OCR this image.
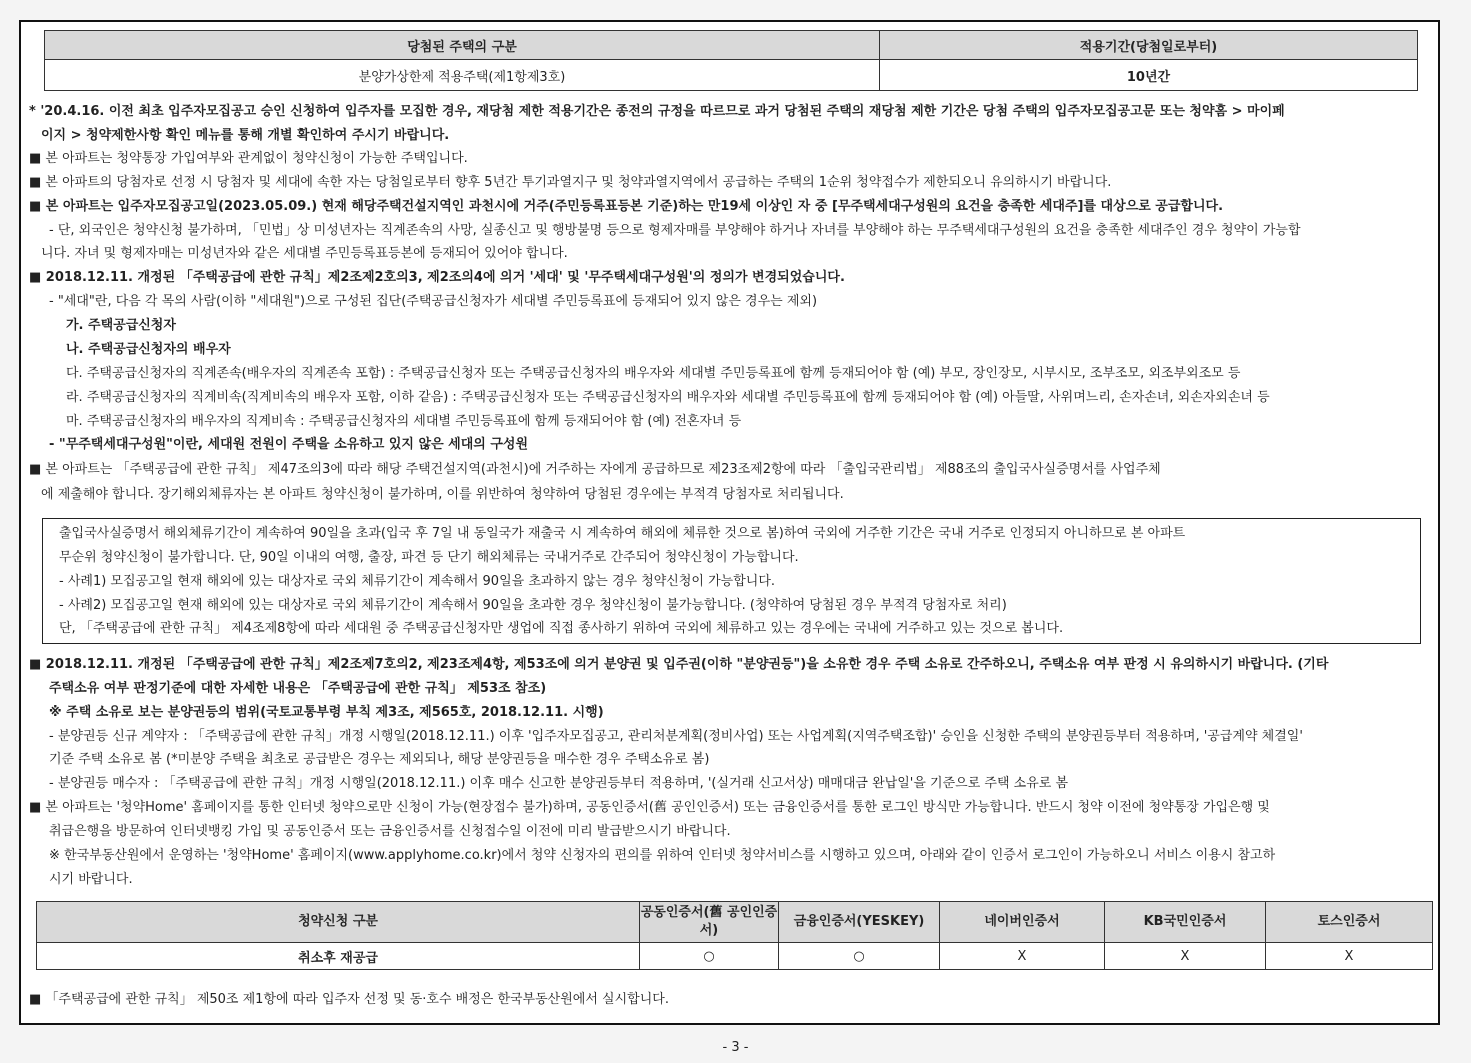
당첨된 주택의 구분	적용기간(당첨일로부터)
분양가상한제 적용주택(제1항제3호)	10년간
* '20.4.16. 이전 최초 입주자모집공고 승인 신청하여 입주자를 모집한 경우, 재당첨 제한 적용기간은 종전의 규정을 따르므로 과거 당첨된 주택의 재당첨 제한 기간은 당첨 주택의 입주자모집공고문 또는 청약홈 > 마이페
이지 > 청약제한사항 확인 메뉴를 통해 개별 확인하여 주시기 바랍니다.
■ 본 아파트는 청약통장 가입여부와 관계없이 청약신청이 가능한 주택입니다.
■ 본 아파트의 당첨자로 선정 시 당첨자 및 세대에 속한 자는 당첨일로부터 향후 5년간 투기과열지구 및 청약과열지역에서 공급하는 주택의 1순위 청약접수가 제한되오니 유의하시기 바랍니다.
■ 본 아파트는 입주자모집공고일(2023.05.09.) 현재 해당주택건설지역인 과천시에 거주(주민등록표등본 기준)하는 만19세 이상인 자 중 [무주택세대구성원의 요건을 충족한 세대주]를 대상으로 공급합니다.
- 단, 외국인은 청약신청 불가하며, 「민법」상 미성년자는 직계존속의 사망, 실종신고 및 행방불명 등으로 형제자매를 부양해야 하거나 자녀를 부양해야 하는 무주택세대구성원의 요건을 충족한 세대주인 경우 청약이 가능합
니다. 자녀 및 형제자매는 미성년자와 같은 세대별 주민등록표등본에 등재되어 있어야 합니다.
■ 2018.12.11. 개정된 「주택공급에 관한 규칙」제2조제2호의3, 제2조의4에 의거 '세대' 및 '무주택세대구성원'의 정의가 변경되었습니다.
- "세대"란, 다음 각 목의 사람(이하 "세대원")으로 구성된 집단(주택공급신청자가 세대별 주민등록표에 등재되어 있지 않은 경우는 제외)
가. 주택공급신청자
나. 주택공급신청자의 배우자
다. 주택공급신청자의 직계존속(배우자의 직계존속 포함) : 주택공급신청자 또는 주택공급신청자의 배우자와 세대별 주민등록표에 함께 등재되어야 함 (예) 부모, 장인장모, 시부시모, 조부조모, 외조부외조모 등
라. 주택공급신청자의 직계비속(직계비속의 배우자 포함, 이하 같음) : 주택공급신청자 또는 주택공급신청자의 배우자와 세대별 주민등록표에 함께 등재되어야 함 (예) 아들딸, 사위며느리, 손자손녀, 외손자외손녀 등
마. 주택공급신청자의 배우자의 직계비속 : 주택공급신청자의 세대별 주민등록표에 함께 등재되어야 함 (예) 전혼자녀 등
- "무주택세대구성원"이란, 세대원 전원이 주택을 소유하고 있지 않은 세대의 구성원
■ 본 아파트는 「주택공급에 관한 규칙」 제47조의3에 따라 해당 주택건설지역(과천시)에 거주하는 자에게 공급하므로 제23조제2항에 따라 「출입국관리법」 제88조의 출입국사실증명서를 사업주체
에 제출해야 합니다. 장기해외체류자는 본 아파트 청약신청이 불가하며, 이를 위반하여 청약하여 당첨된 경우에는 부적격 당첨자로 처리됩니다.
출입국사실증명서 해외체류기간이 계속하여 90일을 초과(입국 후 7일 내 동일국가 재출국 시 계속하여 해외에 체류한 것으로 봄)하여 국외에 거주한 기간은 국내 거주로 인정되지 아니하므로 본 아파트
무순위 청약신청이 불가합니다. 단, 90일 이내의 여행, 출장, 파견 등 단기 해외체류는 국내거주로 간주되어 청약신청이 가능합니다.
- 사례1) 모집공고일 현재 해외에 있는 대상자로 국외 체류기간이 계속해서 90일을 초과하지 않는 경우 청약신청이 가능합니다.
- 사례2) 모집공고일 현재 해외에 있는 대상자로 국외 체류기간이 계속해서 90일을 초과한 경우 청약신청이 불가능합니다. (청약하여 당첨된 경우 부적격 당첨자로 처리)
단, 「주택공급에 관한 규칙」 제4조제8항에 따라 세대원 중 주택공급신청자만 생업에 직접 종사하기 위하여 국외에 체류하고 있는 경우에는 국내에 거주하고 있는 것으로 봅니다.
■ 2018.12.11. 개정된 「주택공급에 관한 규칙」제2조제7호의2, 제23조제4항, 제53조에 의거 분양권 및 입주권(이하 "분양권등")을 소유한 경우 주택 소유로 간주하오니, 주택소유 여부 판정 시 유의하시기 바랍니다. (기타
주택소유 여부 판정기준에 대한 자세한 내용은 「주택공급에 관한 규칙」 제53조 참조)
※ 주택 소유로 보는 분양권등의 범위(국토교통부령 부칙 제3조, 제565호, 2018.12.11. 시행)
- 분양권등 신규 계약자 : 「주택공급에 관한 규칙」개정 시행일(2018.12.11.) 이후 '입주자모집공고, 관리처분계획(정비사업) 또는 사업계획(지역주택조합)' 승인을 신청한 주택의 분양권등부터 적용하며, '공급계약 체결일'
기준 주택 소유로 봄 (*미분양 주택을 최초로 공급받은 경우는 제외되나, 해당 분양권등을 매수한 경우 주택소유로 봄)
- 분양권등 매수자 : 「주택공급에 관한 규칙」개정 시행일(2018.12.11.) 이후 매수 신고한 분양권등부터 적용하며, '(실거래 신고서상) 매매대금 완납일'을 기준으로 주택 소유로 봄
■ 본 아파트는 '청약Home' 홈페이지를 통한 인터넷 청약으로만 신청이 가능(현장접수 불가)하며, 공동인증서(舊 공인인증서) 또는 금융인증서를 통한 로그인 방식만 가능합니다. 반드시 청약 이전에 청약통장 가입은행 및
취급은행을 방문하여 인터넷뱅킹 가입 및 공동인증서 또는 금융인증서를 신청접수일 이전에 미리 발급받으시기 바랍니다.
※ 한국부동산원에서 운영하는 '청약Home' 홈페이지(www.applyhome.co.kr)에서 청약 신청자의 편의를 위하여 인터넷 청약서비스를 시행하고 있으며, 아래와 같이 인증서 로그인이 가능하오니 서비스 이용시 참고하
시기 바랍니다.
청약신청 구분	공동인증서(舊 공인인증서)	금융인증서(YESKEY)	네이버인증서	KB국민인증서	토스인증서
취소후 재공급	○	○	X	X	X
■ 「주택공급에 관한 규칙」 제50조 제1항에 따라 입주자 선정 및 동·호수 배정은 한국부동산원에서 실시합니다.
- 3 -
